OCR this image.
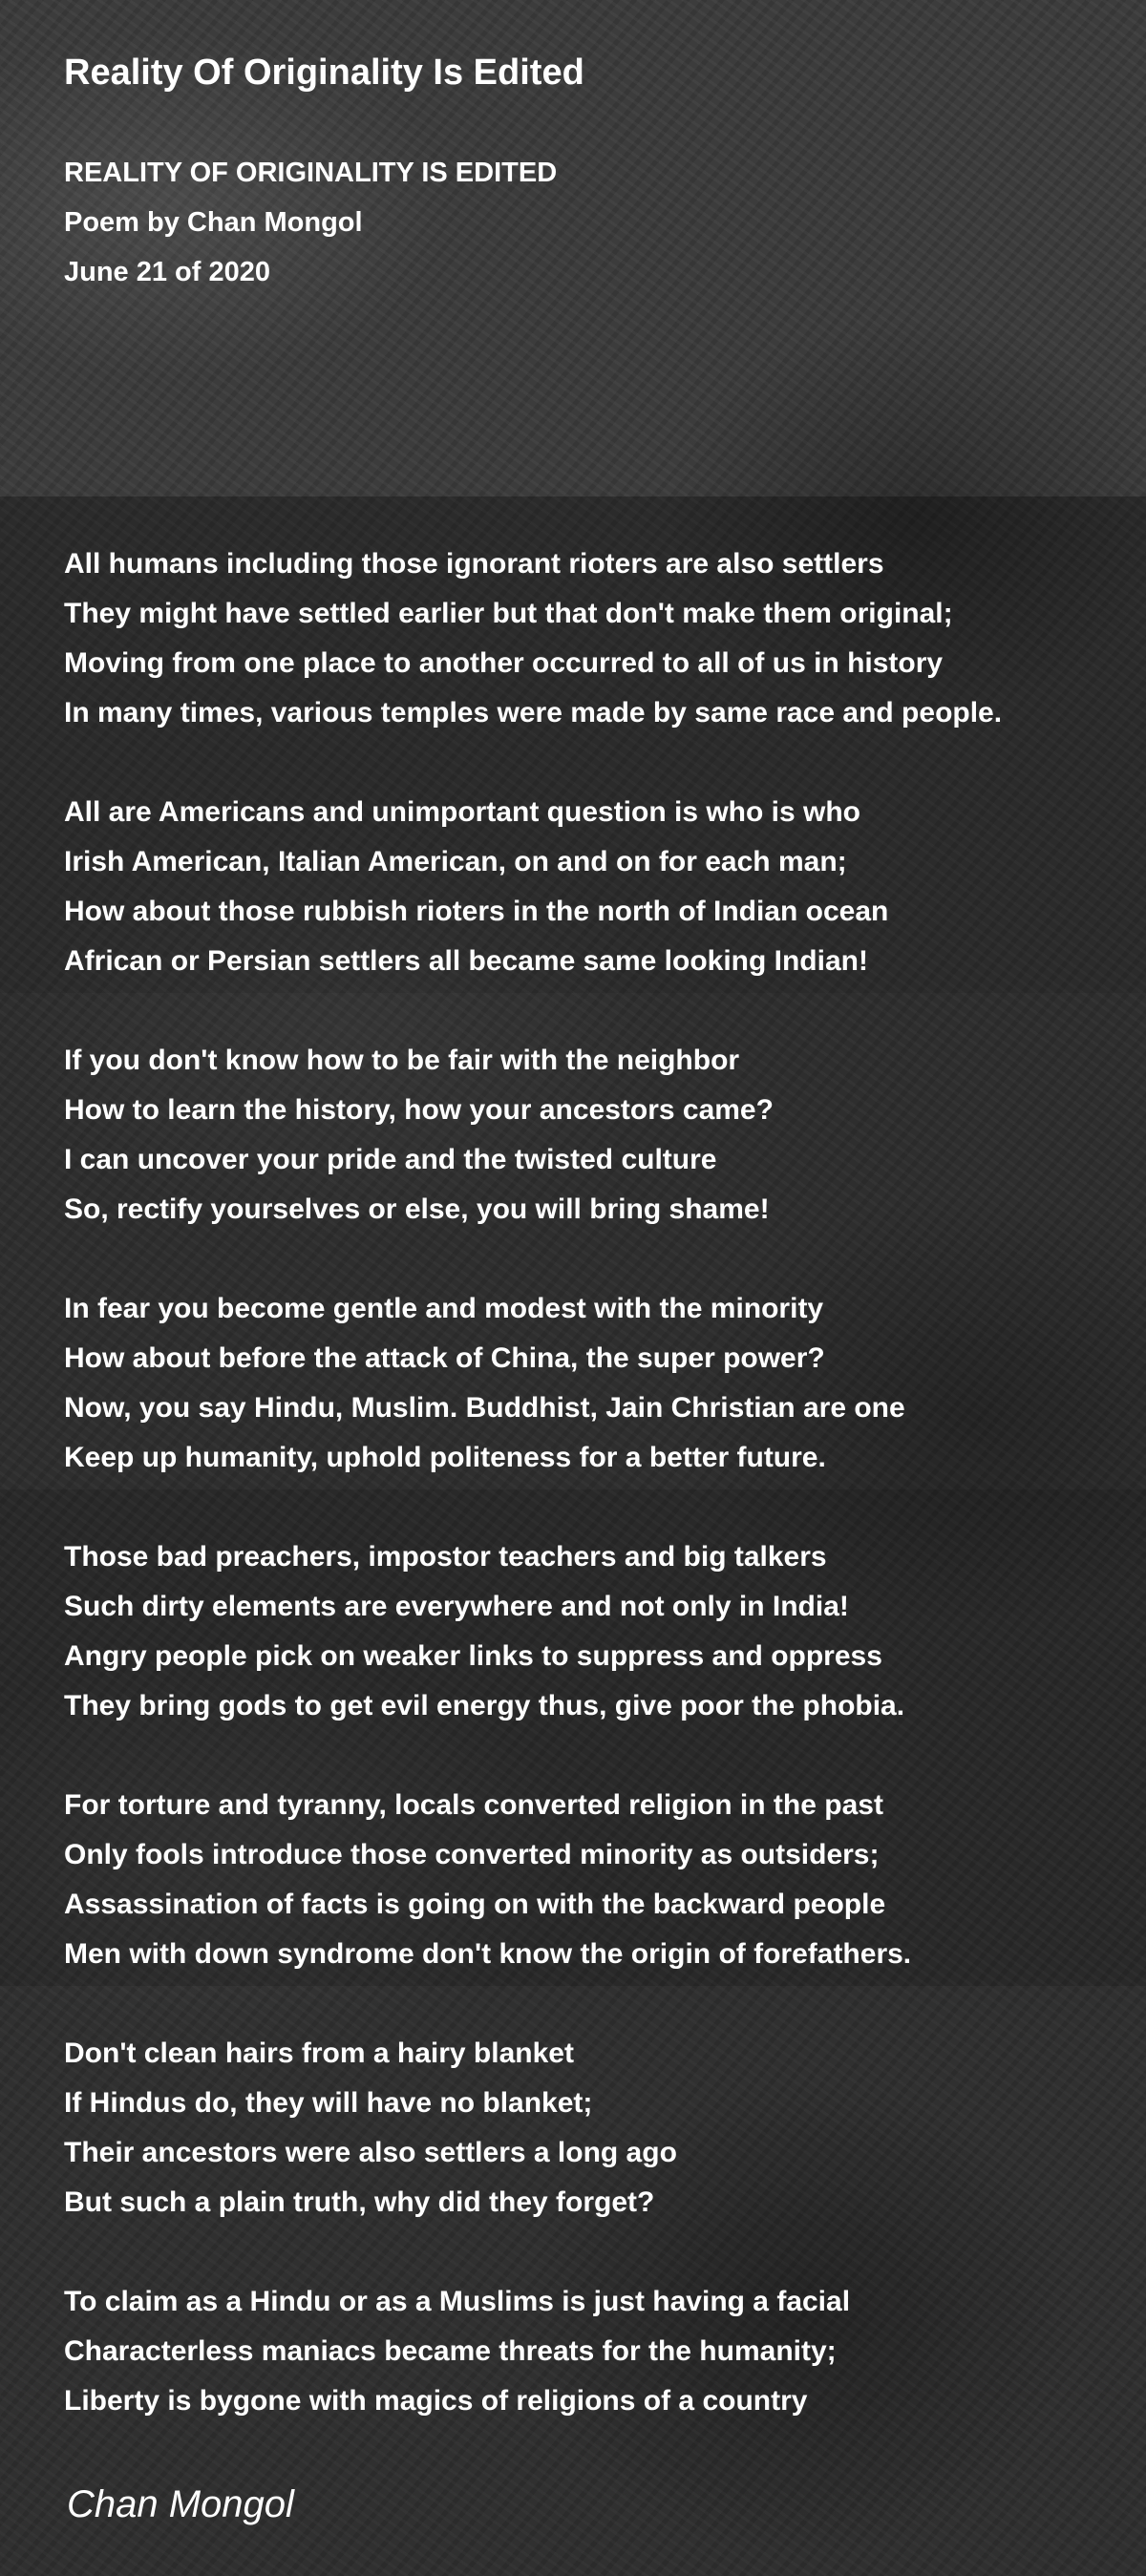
Reality Of Originality Is Edited
REALITY OF ORIGINALITY IS EDITED
Poem by Chan Mongol
June 21 of 2020
All humans including those ignorant rioters are also settlers
They might have settled earlier but that don't make them original;
Moving from one place to another occurred to all of us in history
In many times, various temples were made by same race and people.
All are Americans and unimportant question is who is who
Irish American, Italian American, on and on for each man;
How about those rubbish rioters in the north of Indian ocean
African or Persian settlers all became same looking Indian!
If you don't know how to be fair with the neighbor
How to learn the history, how your ancestors came?
I can uncover your pride and the twisted culture
So, rectify yourselves or else, you will bring shame!
In fear you become gentle and modest with the minority
How about before the attack of China, the super power?
Now, you say Hindu, Muslim. Buddhist, Jain Christian are one
Keep up humanity, uphold politeness for a better future.
Those bad preachers, impostor teachers and big talkers
Such dirty elements are everywhere and not only in India!
Angry people pick on weaker links to suppress and oppress
They bring gods to get evil energy thus, give poor the phobia.
For torture and tyranny, locals converted religion in the past
Only fools introduce those converted minority as outsiders;
Assassination of facts is going on with the backward people
Men with down syndrome don't know the origin of forefathers.
Don't clean hairs from a hairy blanket
If Hindus do, they will have no blanket;
Their ancestors were also settlers a long ago
But such a plain truth, why did they forget?
To claim as a Hindu or as a Muslims is just having a facial
Characterless maniacs became threats for the humanity;
Liberty is bygone with magics of religions of a country
Chan Mongol
